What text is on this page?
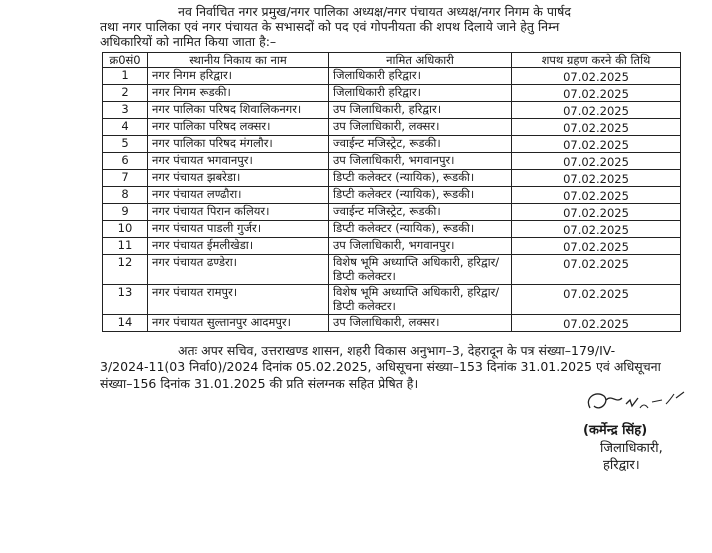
नव निर्वाचित नगर प्रमुख/नगर पालिका अध्यक्ष/नगर पंचायत अध्यक्ष/नगर निगम के पार्षद
तथा नगर पालिका एवं नगर पंचायत के सभासदों को पद एवं गोपनीयता की शपथ दिलाये जाने हेतु निम्न
अधिकारियों को नामित किया जाता है:–
क्र0सं0	स्थानीय निकाय का नाम	नामित अधिकारी	शपथ ग्रहण करने की तिथि
1	नगर निगम हरिद्वार।	जिलाधिकारी हरिद्वार।	07.02.2025

2	नगर निगम रूडकी।	जिलाधिकारी हरिद्वार।	07.02.2025

3	नगर पालिका परिषद शिवालिकनगर।	उप जिलाधिकारी, हरिद्वार।	07.02.2025

4	नगर पालिका परिषद लक्सर।	उप जिलाधिकारी, लक्सर।	07.02.2025

5	नगर पालिका परिषद मंगलौर।	ज्वाईन्ट मजिस्ट्रेट, रूडकी।	07.02.2025

6	नगर पंचायत भगवानपुर।	उप जिलाधिकारी, भगवानपुर।	07.02.2025

7	नगर पंचायत झबरेडा।	डिप्टी कलेक्टर (न्यायिक), रूडकी।	07.02.2025

8	नगर पंचायत लण्ढौरा।	डिप्टी कलेक्टर (न्यायिक), रूडकी।	07.02.2025

9	नगर पंचायत पिरान कलियर।	ज्वाईन्ट मजिस्ट्रेट, रूडकी।	07.02.2025

10	नगर पंचायत पाडली गुर्जर।	डिप्टी कलेक्टर (न्यायिक), रूडकी।	07.02.2025

11	नगर पंचायत ईमलीखेडा।	उप जिलाधिकारी, भगवानपुर।	07.02.2025

12	नगर पंचायत ढण्डेरा।	विशेष भूमि अध्याप्ति अधिकारी, हरिद्वार/डिप्टी कलेक्टर।	07.02.2025

13	नगर पंचायत रामपुर।	विशेष भूमि अध्याप्ति अधिकारी, हरिद्वार/डिप्टी कलेक्टर।	07.02.2025

14	नगर पंचायत सुल्तानपुर आदमपुर।	उप जिलाधिकारी, लक्सर।	07.02.2025
अतः अपर सचिव, उत्तराखण्ड शासन, शहरी विकास अनुभाग–3, देहरादून के पत्र संख्या–179/IV-
3/2024-11(03 निर्वा0)/2024 दिनांक 05.02.2025, अधिसूचना संख्या–153 दिनांक 31.01.2025 एवं अधिसूचना
संख्या–156 दिनांक 31.01.2025 की प्रति संलग्नक सहित प्रेषित है।
(कर्मेन्द्र सिंह)
जिलाधिकारी,
हरिद्वार।
